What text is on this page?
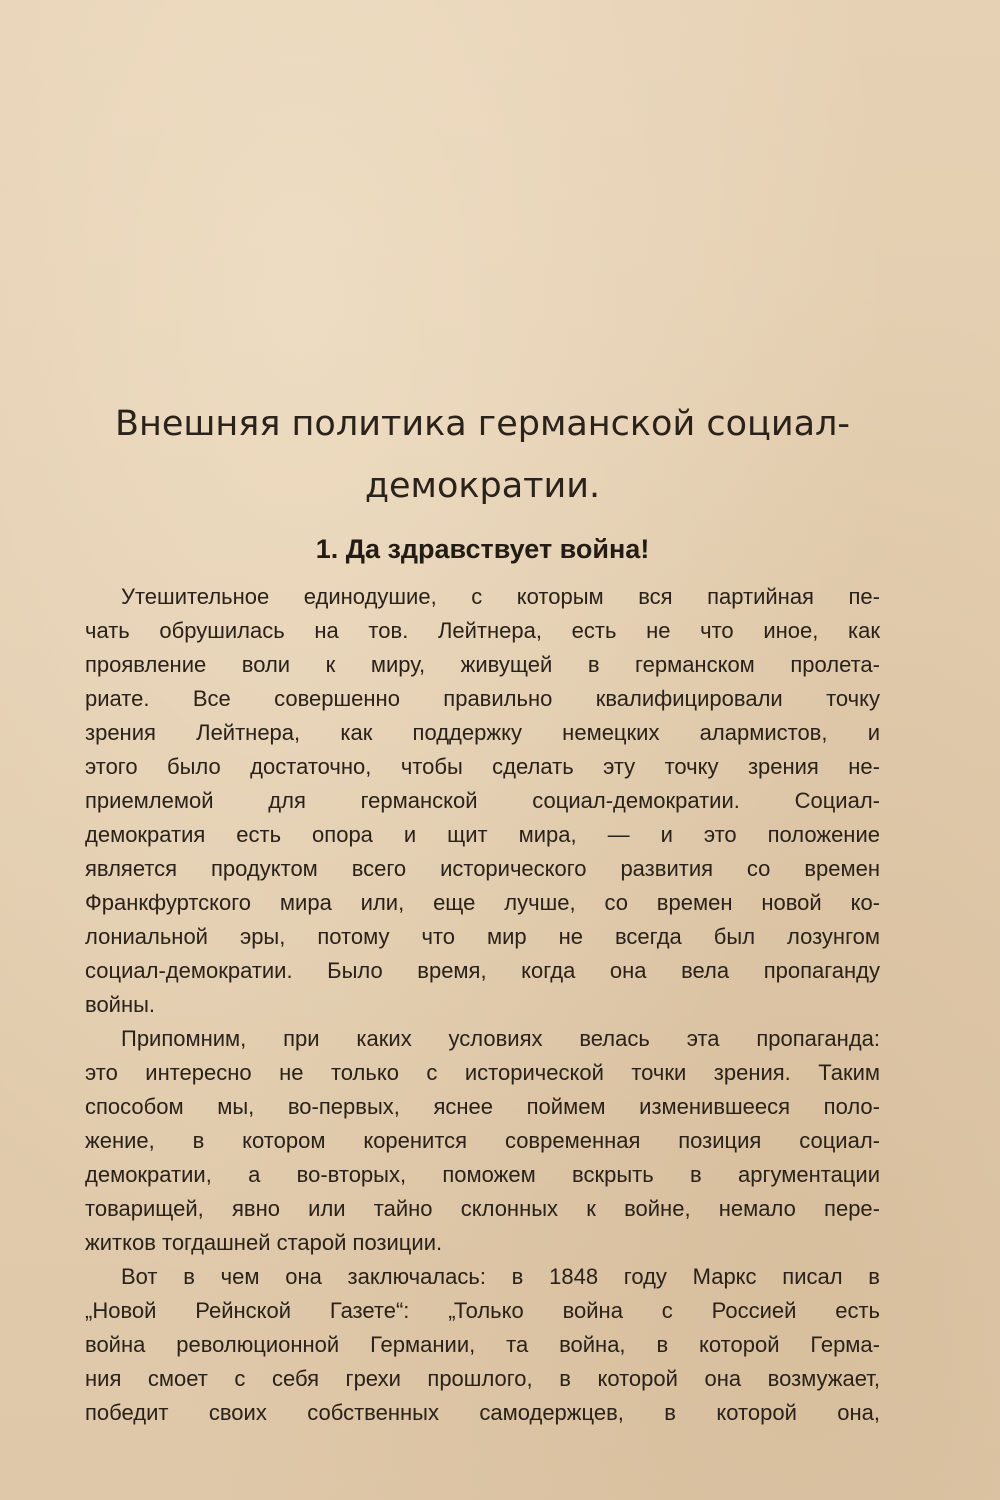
Внешняя политика германской социал-
демократии.
1. Да здравствует война!

Утешительное единодушие, с которым вся партийная пе-
чать обрушилась на тов. Лейтнера, есть не что иное, как
проявление воли к миру, живущей в германском пролета-
риате. Все совершенно правильно квалифицировали точку
зрения Лейтнера, как поддержку немецких алармистов, и
этого было достаточно, чтобы сделать эту точку зрения не-
приемлемой для германской социал-демократии. Социал-
демократия есть опора и щит мира, — и это положение
является продуктом всего исторического развития со времен
Франкфуртского мира или, еще лучше, со времен новой ко-
лониальной эры, потому что мир не всегда был лозунгом
социал-демократии. Было время, когда она вела пропаганду
войны.

Припомним, при каких условиях велась эта пропаганда:
это интересно не только с исторической точки зрения. Таким
способом мы, во-первых, яснее поймем изменившееся поло-
жение, в котором коренится современная позиция социал-
демократии, а во-вторых, поможем вскрыть в аргументации
товарищей, явно или тайно склонных к войне, немало пере-
житков тогдашней старой позиции.

Вот в чем она заключалась: в 1848 году Маркс писал в
„Новой Рейнской Газете“: „Только война с Россией есть
война революционной Германии, та война, в которой Герма-
ния смоет с себя грехи прошлого, в которой она возмужает,
победит своих собственных самодержцев, в которой она,
